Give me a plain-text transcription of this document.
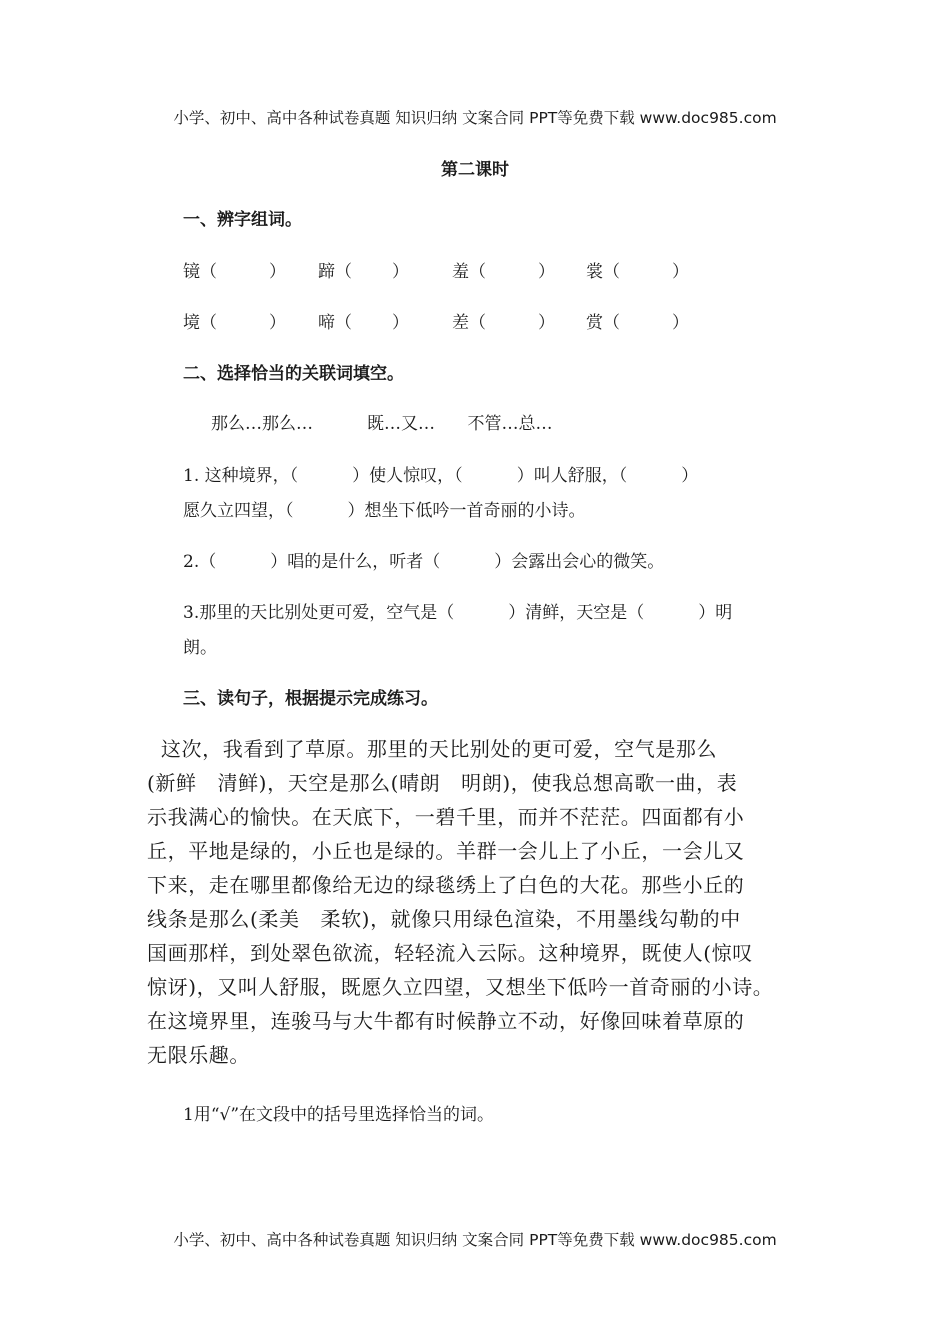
小学、初中、高中各种试卷真题 知识归纳 文案合同 PPT等免费下载 www.doc985.com
第二课时
一、辨字组词。
镜（	） 蹄（ ）	羞（	） 裳（	）
境（	） 啼（ ）	差（	） 赏（	）
二、选择恰当的关联词填空。
那么…那么…          既…又…      不管…总…
1. 这种境界，（          ）使人惊叹，（          ）叫人舒服，（          ）
愿久立四望，（          ）想坐下低吟一首奇丽的小诗。
2.（          ）唱的是什么，听者（          ）会露出会心的微笑。
3.那里的天比别处更可爱，空气是（          ）清鲜，天空是（          ）明
朗。
三、读句子，根据提示完成练习。
这次，我看到了草原。那里的天比别处的更可爱，空气是那么
(新鲜   清鲜)，天空是那么(晴朗   明朗)，使我总想高歌一曲，表
示我满心的愉快。在天底下，一碧千里，而并不茫茫。四面都有小
丘，平地是绿的，小丘也是绿的。羊群一会儿上了小丘，一会儿又
下来，走在哪里都像给无边的绿毯绣上了白色的大花。那些小丘的
线条是那么(柔美   柔软)，就像只用绿色渲染，不用墨线勾勒的中
国画那样，到处翠色欲流，轻轻流入云际。这种境界，既使人(惊叹
惊讶)，又叫人舒服，既愿久立四望，又想坐下低吟一首奇丽的小诗。
在这境界里，连骏马与大牛都有时候静立不动，好像回味着草原的
无限乐趣。
1用“√”在文段中的括号里选择恰当的词。
小学、初中、高中各种试卷真题 知识归纳 文案合同 PPT等免费下载 www.doc985.com
